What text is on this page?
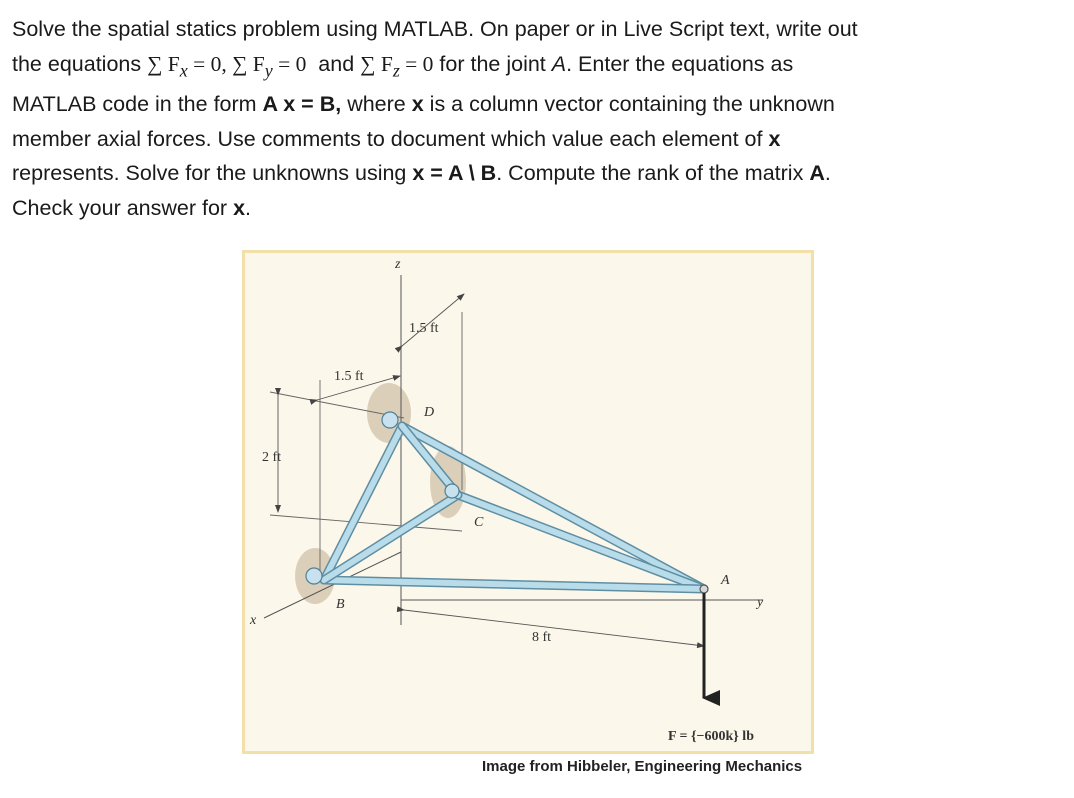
Solve the spatial statics problem using MATLAB. On paper or in Live Script text, write out

the equations ∑ $F_x = 0$, ∑ $F_y = 0$  and ∑ $F_z = 0$ for the joint A. Enter the equations as

MATLAB code in the form A x = B, where x is a column vector containing the unknown

member axial forces. Use comments to document which value each element of x

represents. Solve for the unknowns using x = A \ B. Compute the rank of the matrix A.

Check your answer for x.

z
x
y
1.5 ft
1.5 ft
2 ft
8 ft
A
B
C
D
F = {−600k} lb
Image from Hibbeler, Engineering Mechanics
